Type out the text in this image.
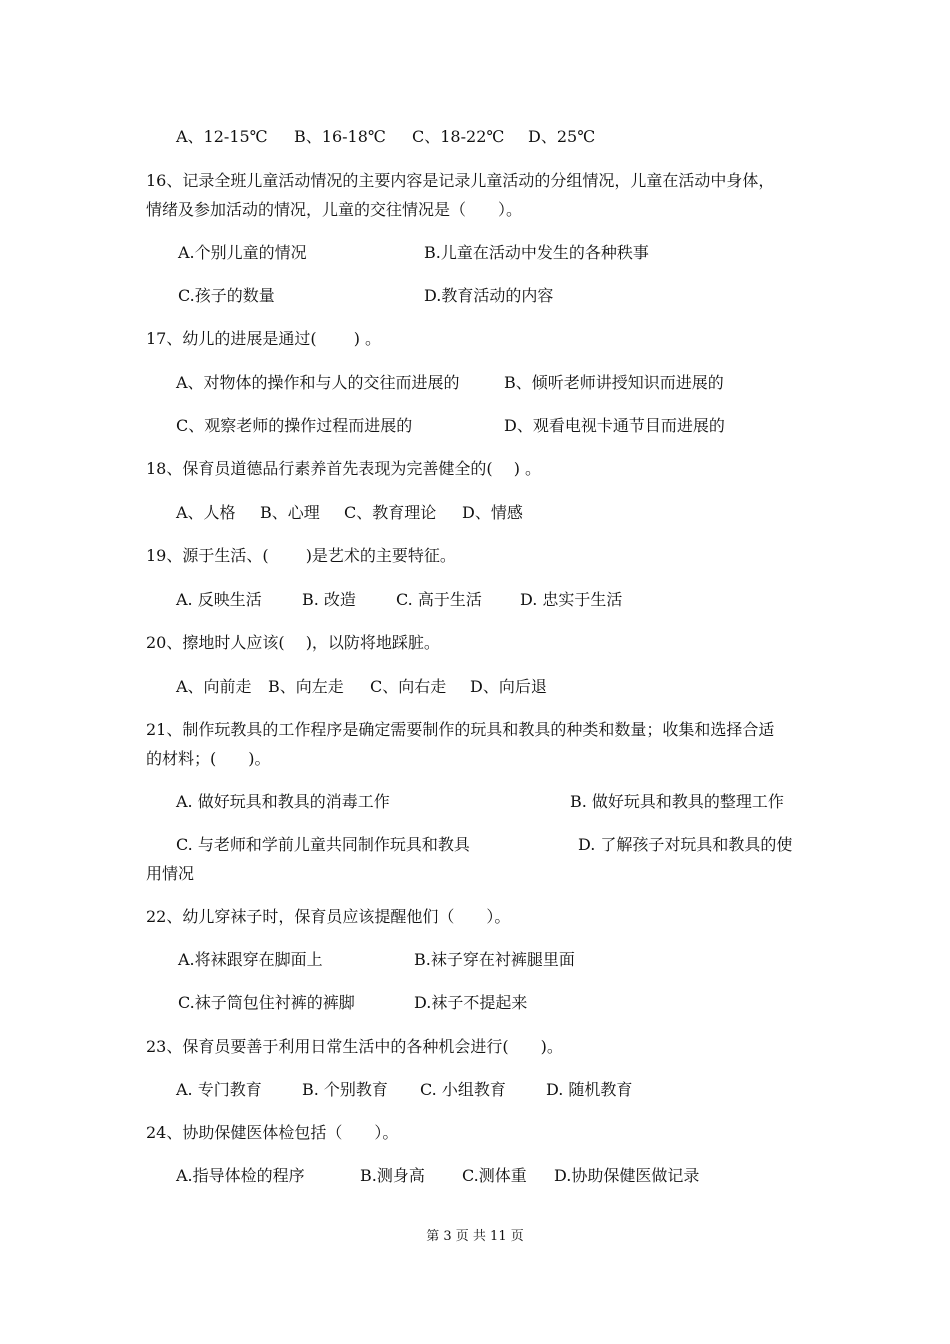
A、12-15℃ B、16-18℃ C、18-22℃ D、25℃
16、记录全班儿童活动情况的主要内容是记录儿童活动的分组情况，儿童在活动中身体，
情绪及参加活动的情况，儿童的交往情况是（　　）。
A.个别儿童的情况	B.儿童在活动中发生的各种秩事
C.孩子的数量	D.教育活动的内容
17、幼儿的进展是通过(　　 ) 。
A、对物体的操作和与人的交往而进展的	B、倾听老师讲授知识而进展的
C、观察老师的操作过程而进展的	D、观看电视卡通节目而进展的
18、保育员道德品行素养首先表现为完善健全的(　 ) 。
A、人格 B、心理 C、教育理论 D、情感
19、源于生活、(　　 )是艺术的主要特征。
A. 反映生活	B. 改造	C. 高于生活 D. 忠实于生活
20、擦地时人应该(　 )，以防将地踩脏。
A、向前走 B、向左走 C、向右走 D、向后退
21、制作玩教具的工作程序是确定需要制作的玩具和教具的种类和数量；收集和选择合适
的材料；(　　)。
A. 做好玩具和教具的消毒工作	B. 做好玩具和教具的整理工作
C. 与老师和学前儿童共同制作玩具和教具	D. 了解孩子对玩具和教具的使
用情况
22、幼儿穿袜子时，保育员应该提醒他们（　　）。
A.将袜跟穿在脚面上	B.袜子穿在衬裤腿里面
C.袜子筒包住衬裤的裤脚	D.袜子不提起来
23、保育员要善于利用日常生活中的各种机会进行(　　)。
A. 专门教育	B. 个别教育 C. 小组教育	D. 随机教育
24、协助保健医体检包括（　　）。
A.指导体检的程序	B.测身高 C.测体重 D.协助保健医做记录
第 3 页 共 11 页
